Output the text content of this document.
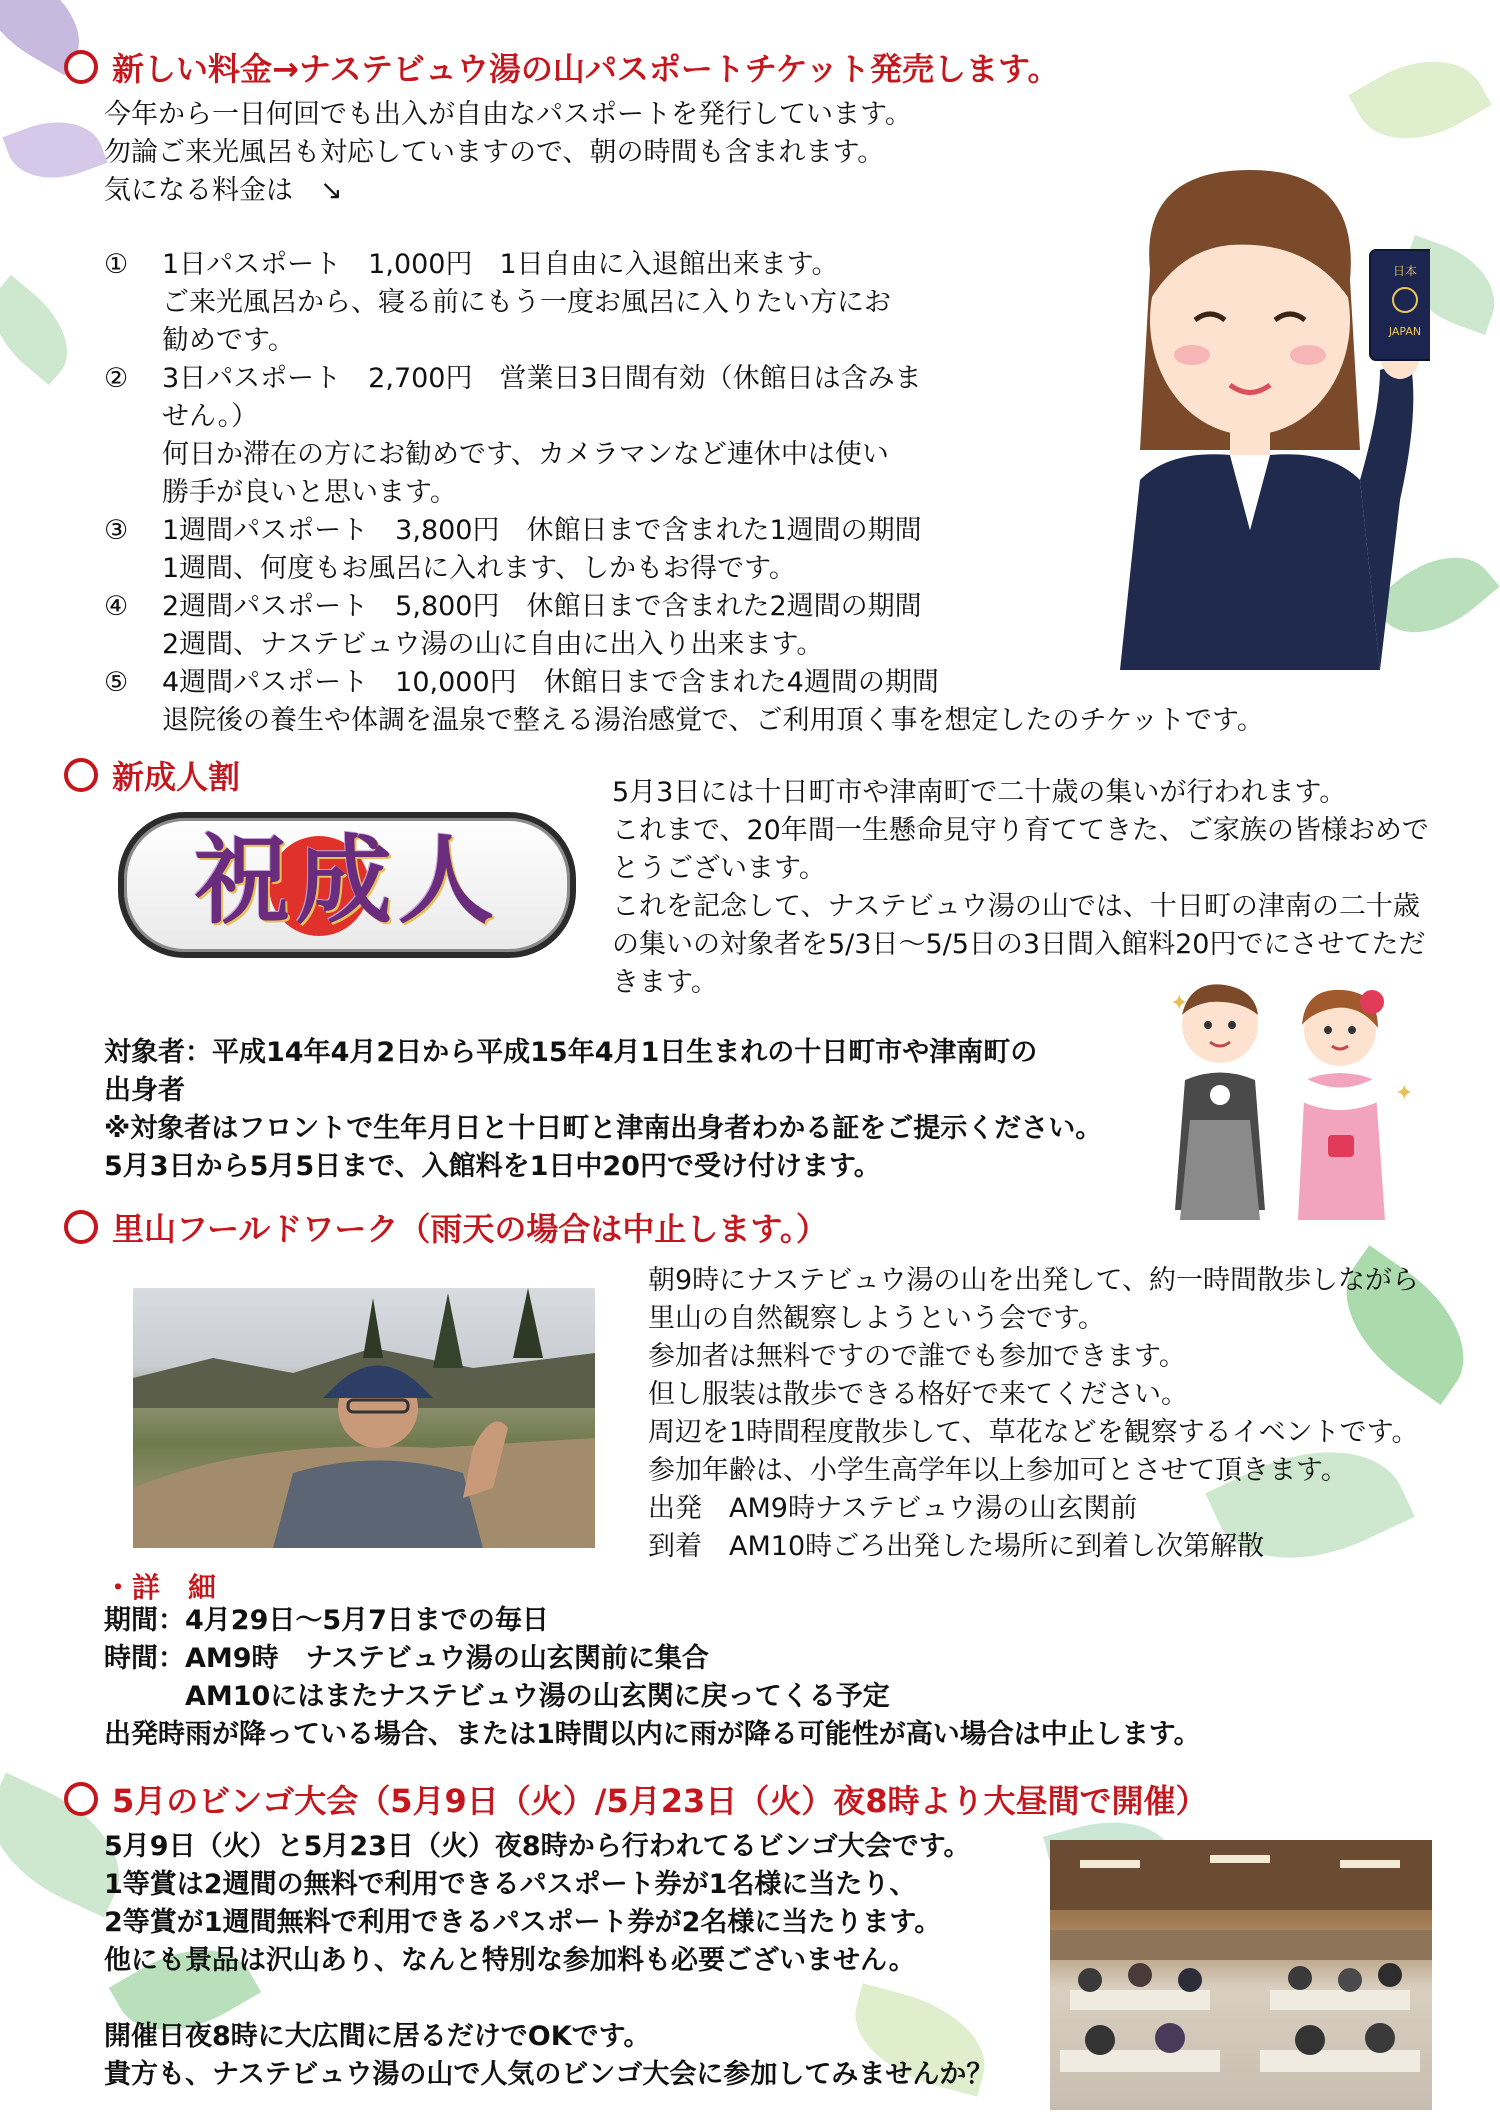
新しい料金→ナステビュウ湯の山パスポートチケット発売します。
今年から一日何回でも出入が自由なパスポートを発行しています。
勿論ご来光風呂も対応していますので、朝の時間も含まれます。
気になる料金は　↘
① 1日パスポート　1,000円　1日自由に入退館出来ます。
ご来光風呂から、寝る前にもう一度お風呂に入りたい方にお
勧めです。
② 3日パスポート　2,700円　営業日3日間有効（休館日は含みま
せん。）
何日か滞在の方にお勧めです、カメラマンなど連休中は使い
勝手が良いと思います。
③ 1週間パスポート　3,800円　休館日まで含まれた1週間の期間
1週間、何度もお風呂に入れます、しかもお得です。
④ 2週間パスポート　5,800円　休館日まで含まれた2週間の期間
2週間、ナステビュウ湯の山に自由に出入り出来ます。
⑤ 4週間パスポート　10,000円　休館日まで含まれた4週間の期間
退院後の養生や体調を温泉で整える湯治感覚で、ご利用頂く事を想定したのチケットです。
日本
JAPAN
新成人割
祝成人
5月3日には十日町市や津南町で二十歳の集いが行われます。
これまで、20年間一生懸命見守り育ててきた、ご家族の皆様おめで
とうございます。
これを記念して、ナステビュウ湯の山では、十日町の津南の二十歳
の集いの対象者を5/3日～5/5日の3日間入館料20円でにさせてただ
きます。
対象者：平成14年4月2日から平成15年4月1日生まれの十日町市や津南町の
出身者
※対象者はフロントで生年月日と十日町と津南出身者わかる証をご提示ください。
5月3日から5月5日まで、入館料を1日中20円で受け付けます。
✦
✦
里山フールドワーク（雨天の場合は中止します。）
朝9時にナステビュウ湯の山を出発して、約一時間散歩しながら
里山の自然観察しようという会です。
参加者は無料ですので誰でも参加できます。
但し服装は散歩できる格好で来てください。
周辺を1時間程度散歩して、草花などを観察するイベントです。
参加年齢は、小学生高学年以上参加可とさせて頂きます。
出発　AM9時ナステビュウ湯の山玄関前
到着　AM10時ごろ出発した場所に到着し次第解散
・詳　細
期間：4月29日～5月7日までの毎日
時間：AM9時　ナステビュウ湯の山玄関前に集合
　　　AM10にはまたナステビュウ湯の山玄関に戻ってくる予定
出発時雨が降っている場合、または1時間以内に雨が降る可能性が高い場合は中止します。
5月のビンゴ大会（5月9日（火）/5月23日（火）夜8時より大昼間で開催）
5月9日（火）と5月23日（火）夜8時から行われてるビンゴ大会です。
1等賞は2週間の無料で利用できるパスポート券が1名様に当たり、
2等賞が1週間無料で利用できるパスポート券が2名様に当たります。
他にも景品は沢山あり、なんと特別な参加料も必要ございません。
開催日夜8時に大広間に居るだけでOKです。
貴方も、ナステビュウ湯の山で人気のビンゴ大会に参加してみませんか？
